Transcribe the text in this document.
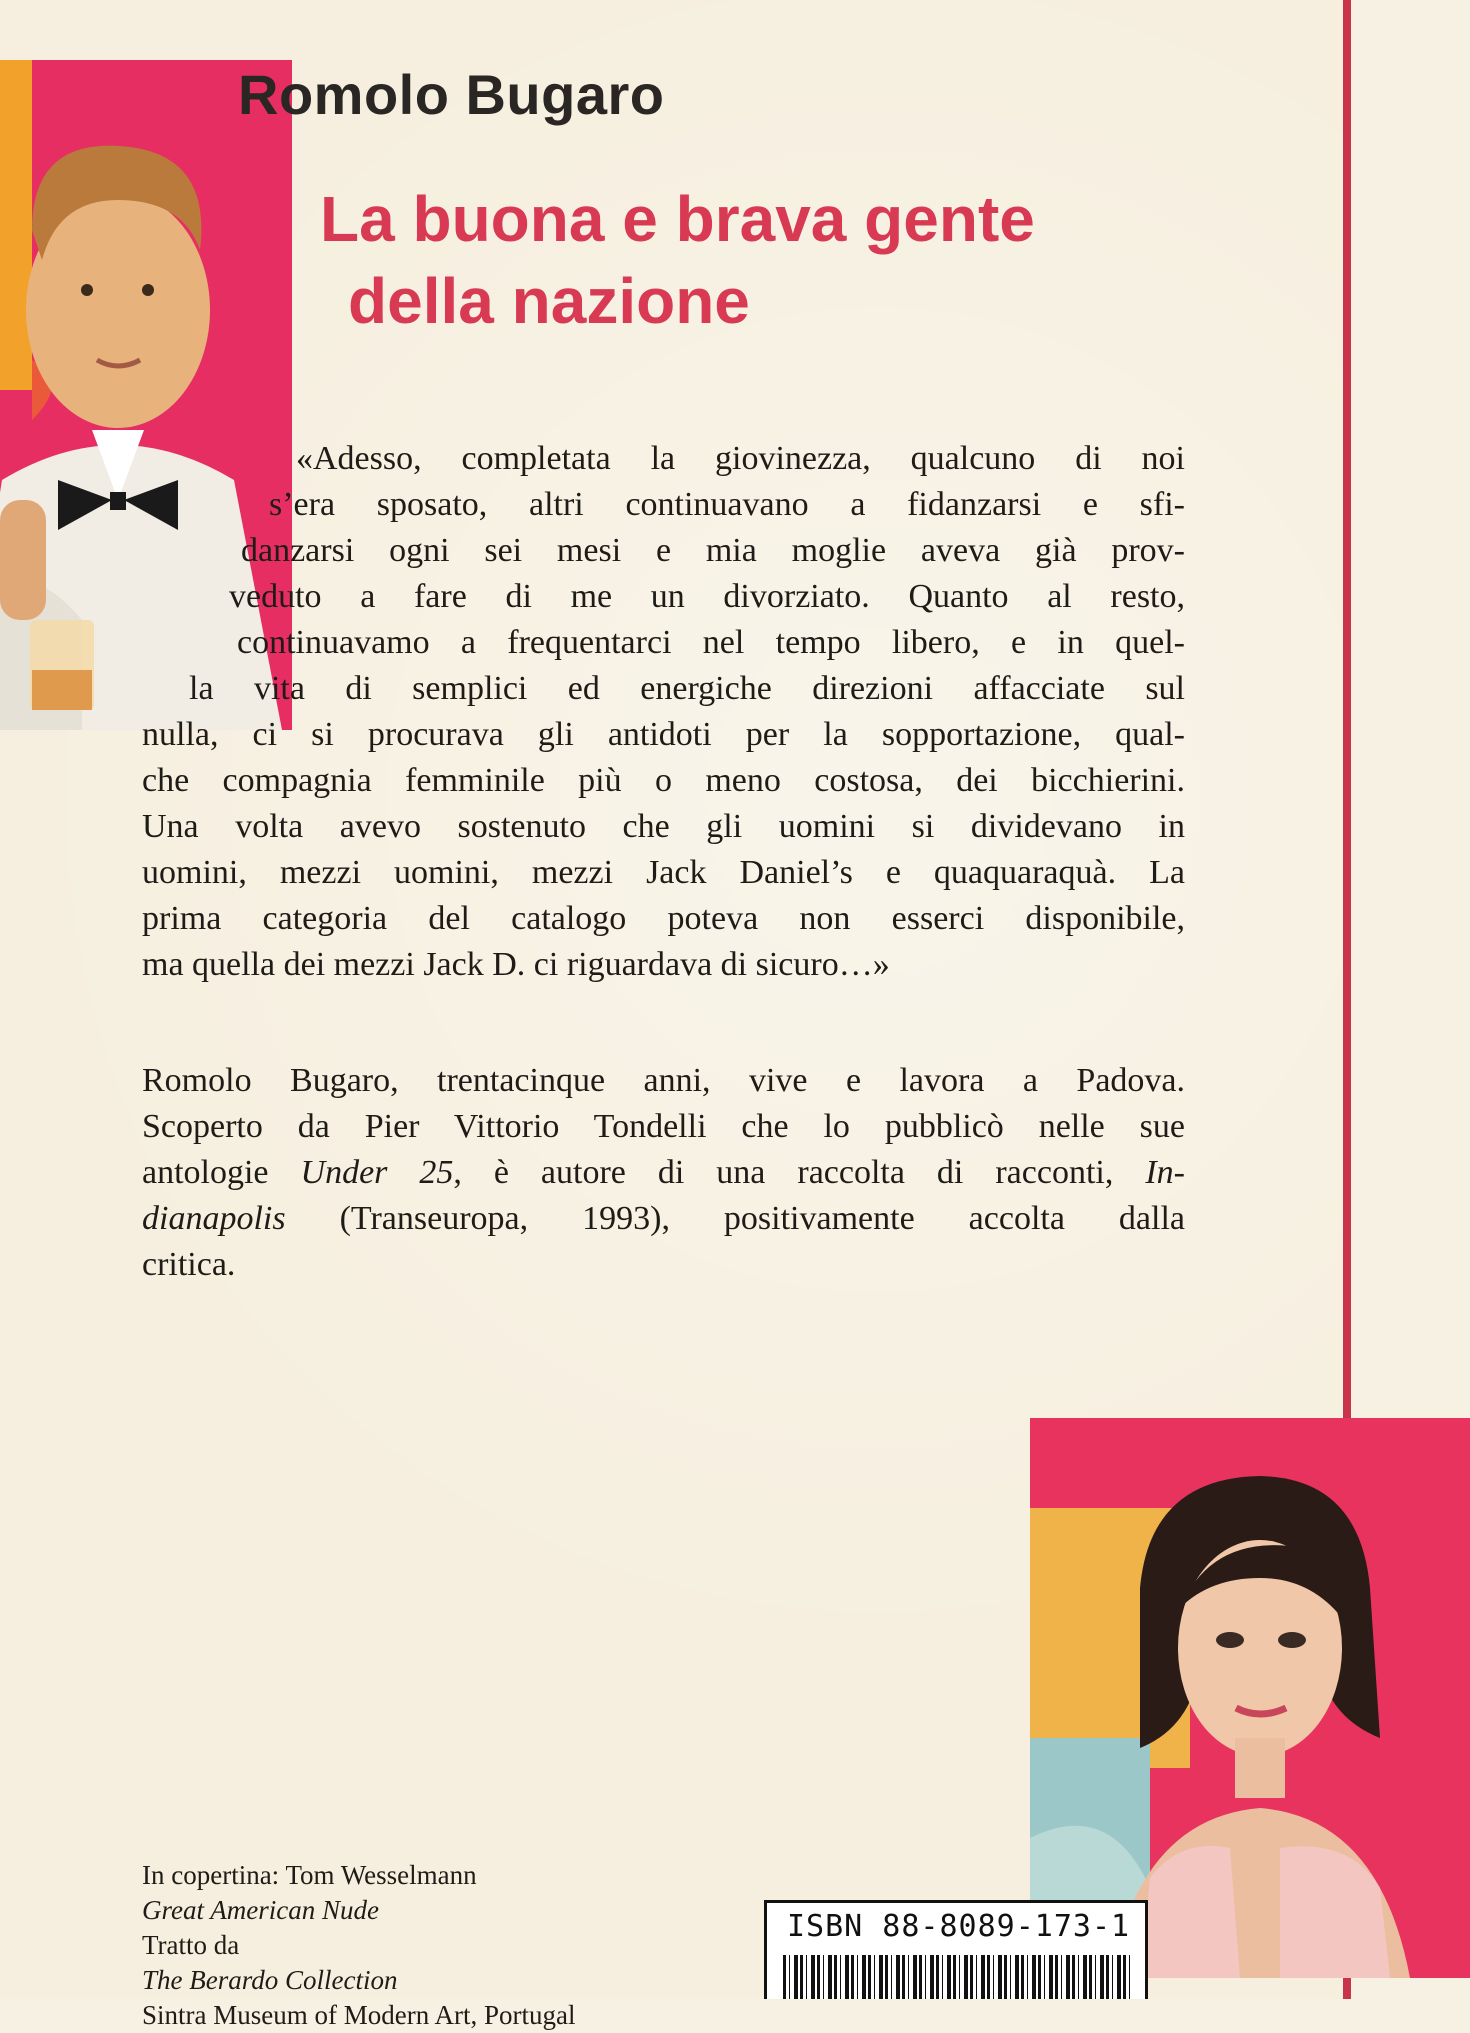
Romolo Bugaro
La buona e brava gente
della nazione
«Adesso, completata la giovinezza, qualcuno di noi
s’era sposato, altri continuavano a fidanzarsi e sfi-
danzarsi ogni sei mesi e mia moglie aveva già prov-
veduto a fare di me un divorziato. Quanto al resto,
continuavamo a frequentarci nel tempo libero, e in quel-
la vita di semplici ed energiche direzioni affacciate sul
nulla, ci si procurava gli antidoti per la sopportazione, qual-
che compagnia femminile più o meno costosa, dei bicchierini.
Una volta avevo sostenuto che gli uomini si dividevano in
uomini, mezzi uomini, mezzi Jack Daniel’s e quaquaraquà. La
prima categoria del catalogo poteva non esserci disponibile,
ma quella dei mezzi Jack D. ci riguardava di sicuro…»
Romolo Bugaro, trentacinque anni, vive e lavora a Padova.
Scoperto da Pier Vittorio Tondelli che lo pubblicò nelle sue
antologie Under 25, è autore di una raccolta di racconti, In-
dianapolis (Transeuropa, 1993), positivamente accolta dalla
critica.
In copertina: Tom Wesselmann
Great American Nude
Tratto da
The Berardo Collection
Sintra Museum of Modern Art, Portugal
ISBN 88-8089-173-1
